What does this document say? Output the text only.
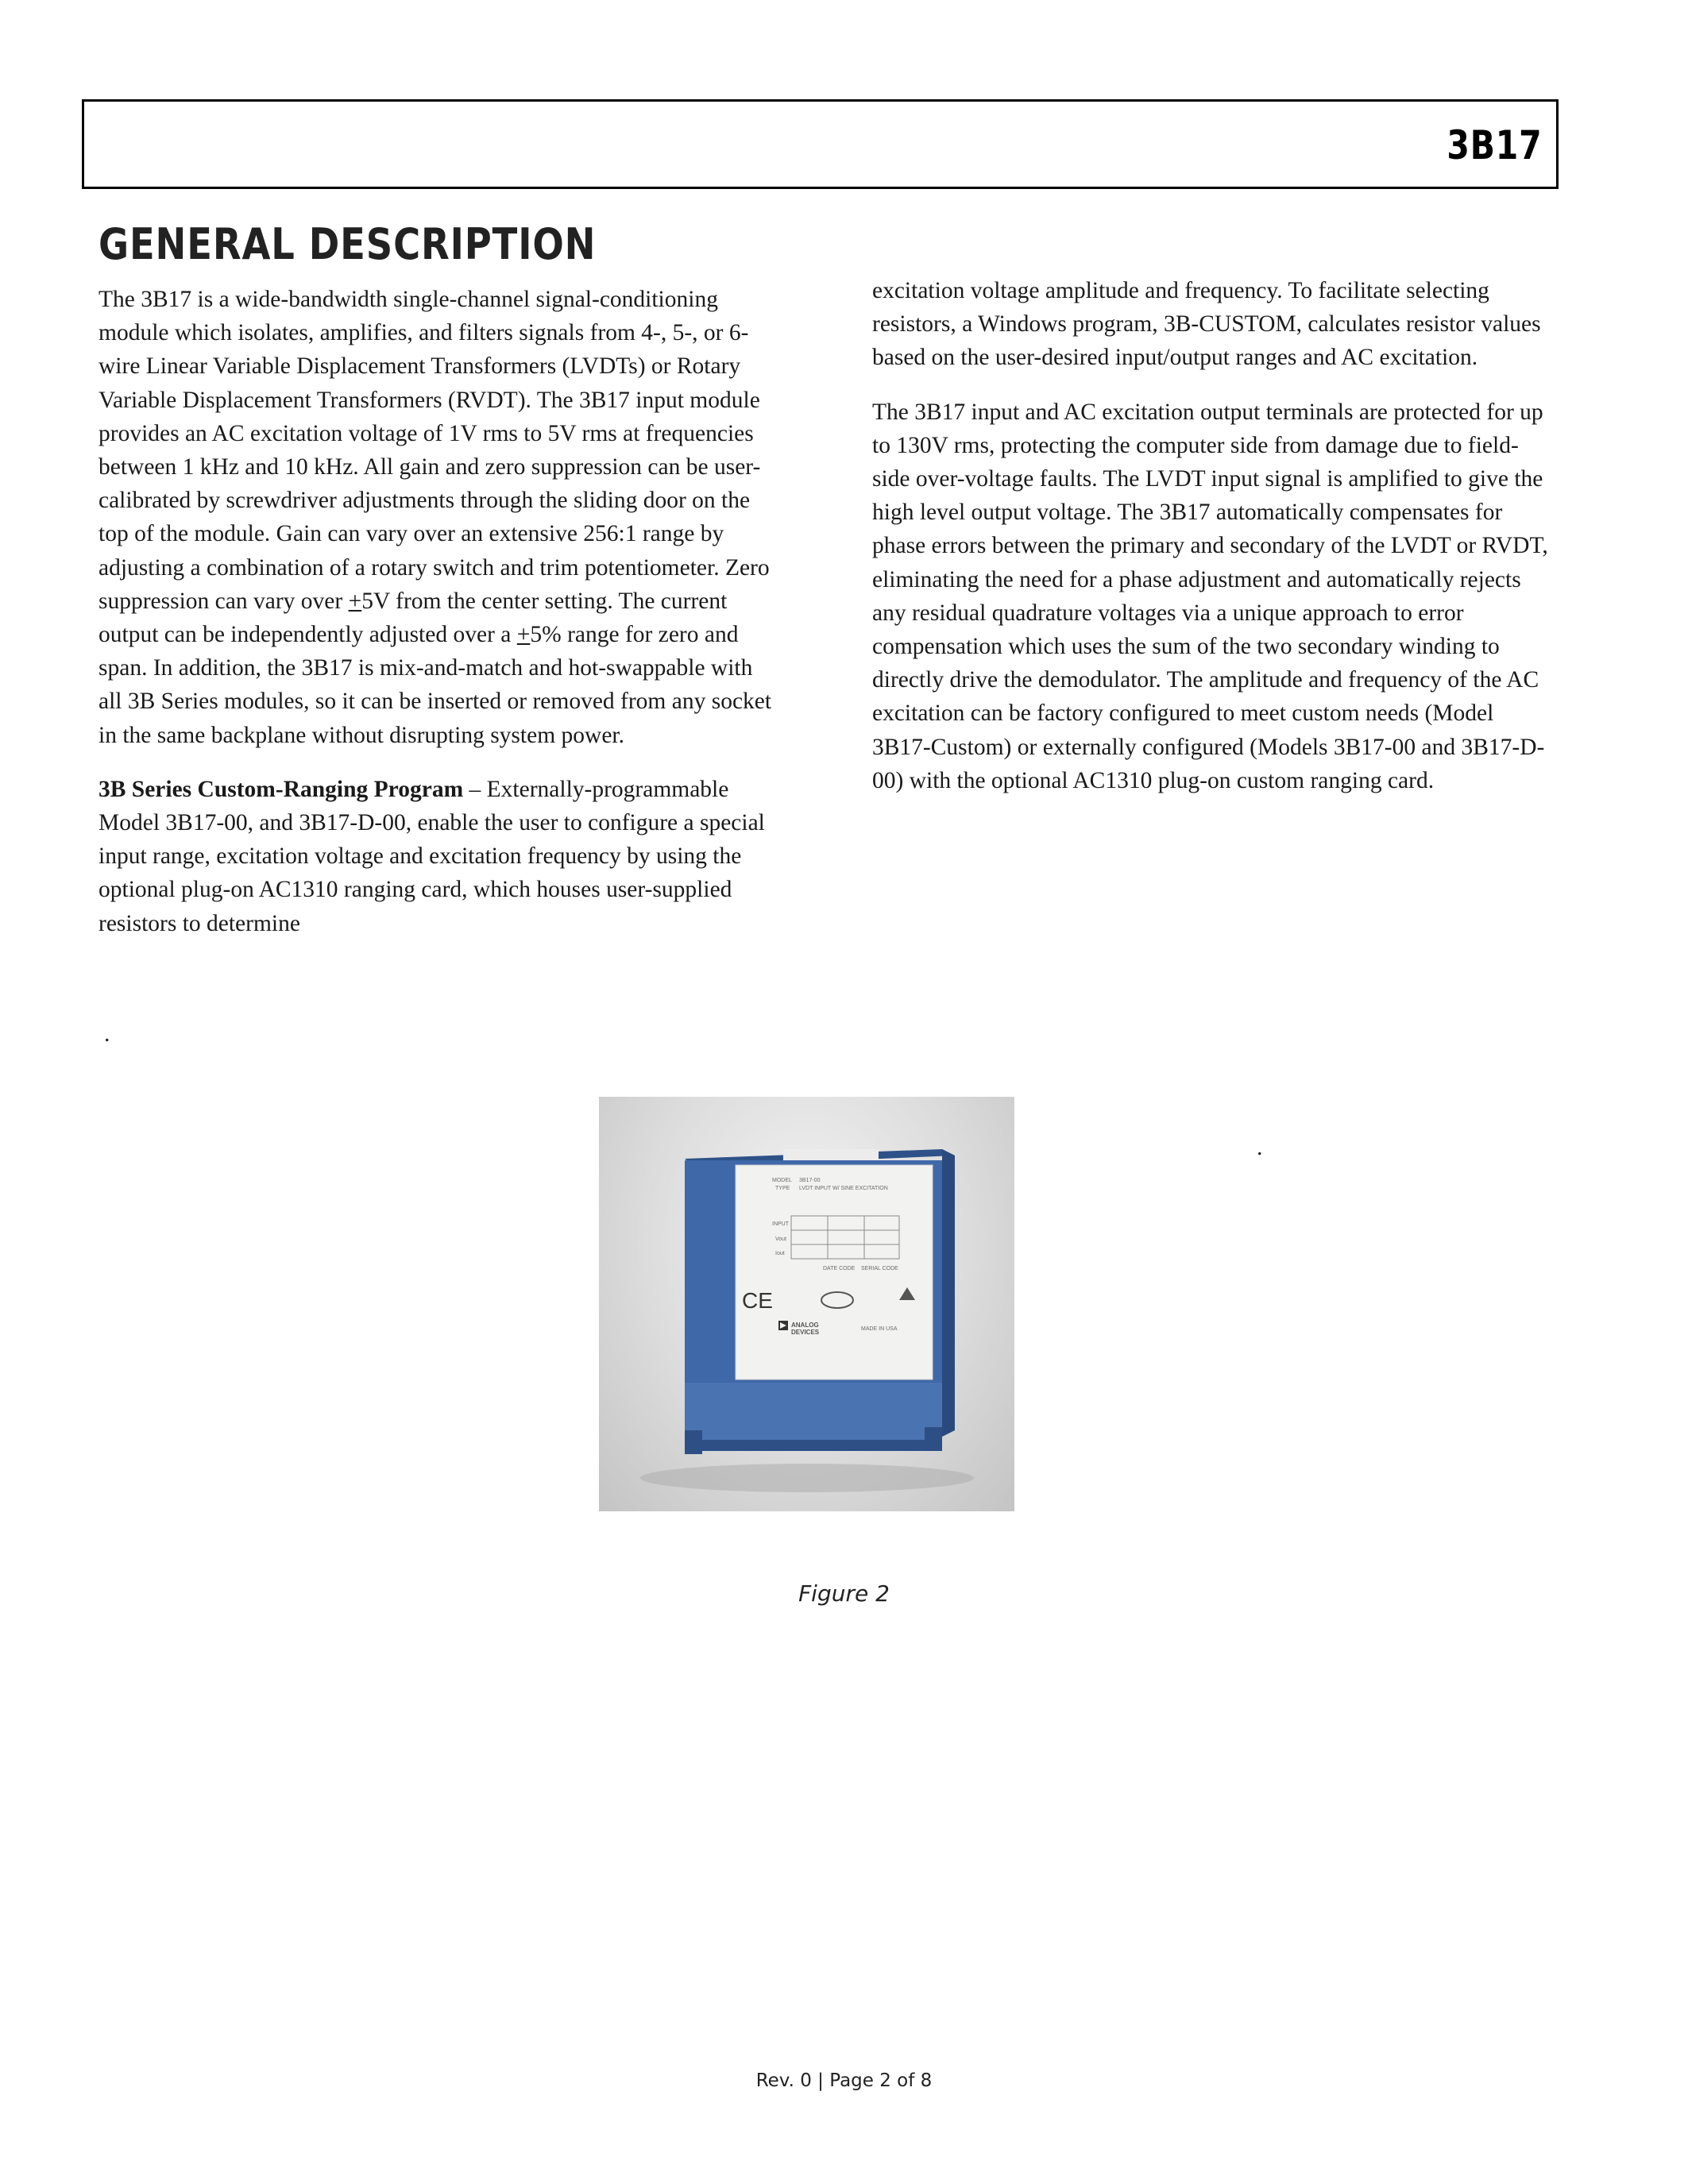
3B17
GENERAL DESCRIPTION

The 3B17 is a wide-bandwidth single-channel signal-conditioning module which isolates, amplifies, and filters signals from 4-, 5-, or 6-wire Linear Variable Displacement Transformers (LVDTs) or Rotary Variable Displacement Transformers (RVDT). The 3B17 input module provides an AC excitation voltage of 1V rms to 5V rms at frequencies between 1 kHz and 10 kHz. All gain and zero suppression can be user-calibrated by screwdriver adjustments through the sliding door on the top of the module. Gain can vary over an extensive 256:1 range by adjusting a combination of a rotary switch and trim potentiometer. Zero suppression can vary over +5V from the center setting. The current output can be independently adjusted over a +5% range for zero and span. In addition, the 3B17 is mix-and-match and hot-swappable with all 3B Series modules, so it can be inserted or removed from any socket in the same backplane without disrupting system power.

3B Series Custom-Ranging Program – Externally-programmable Model 3B17-00, and 3B17-D-00, enable the user to configure a special input range, excitation voltage and excitation frequency by using the optional plug-on AC1310 ranging card, which houses user-supplied resistors to determine

excitation voltage amplitude and frequency. To facilitate selecting resistors, a Windows program, 3B-CUSTOM, calculates resistor values based on the user-desired input/output ranges and AC excitation.

The 3B17 input and AC excitation output terminals are protected for up to 130V rms, protecting the computer side from damage due to field-side over-voltage faults. The LVDT input signal is amplified to give the high level output voltage. The 3B17 automatically compensates for phase errors between the primary and secondary of the LVDT or RVDT, eliminating the need for a phase adjustment and automatically rejects any residual quadrature voltages via a unique approach to error compensation which uses the sum of the two secondary winding to directly drive the demodulator. The amplitude and frequency of the AC excitation can be factory configured to meet custom needs (Model 3B17-Custom) or externally configured (Models 3B17-00 and 3B17-D-00) with the optional AC1310 plug-on custom ranging card.

.
.
MODEL 3B17-00
TYPE LVDT INPUT W/ SINE EXCITATION
INPUT
Vout
Iout
DATE CODE SERIAL CODE
MADE IN USA
ANALOG
DEVICES
CE
Figure 2
Rev. 0 | Page 2 of 8
